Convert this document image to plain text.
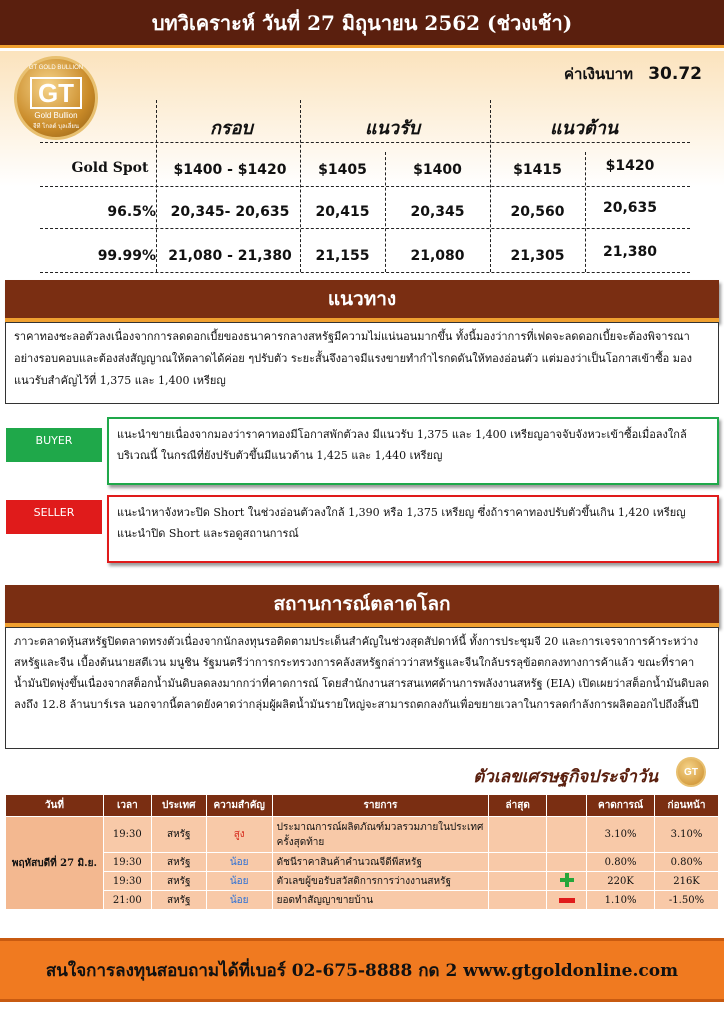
บทวิเคราะห์ วันที่ 27 มิถุนายน 2562 (ช่วงเช้า)
GT GOLD BULLION
GT
Gold Bullion
จีที โกลด์ บุลเลี่ยน
ค่าเงินบาท 30.72
กรอบ	แนวรับ	แนวต้าน
Gold Spot	$1400 - $1420	$1405	$1400	$1415	$1420
96.5%	20,345- 20,635	20,415	20,345	20,560	20,635
99.99% 21,080 - 21,380	21,155	21,080	21,305	21,380
แนวทาง
ราคาทองชะลอตัวลงเนื่องจากการลดดอกเบี้ยของธนาคารกลางสหรัฐมีความไม่แน่นอนมากขึ้น ทั้งนี้มองว่าการที่เฟดจะลดดอกเบี้ยจะต้องพิจารณาอย่างรอบคอบและต้องส่งสัญญาณให้ตลาดได้ค่อย ๆปรับตัว ระยะสั้นจึงอาจมีแรงขายทำกำไรกดดันให้ทองอ่อนตัว แต่มองว่าเป็นโอกาสเข้าซื้อ มองแนวรับสำคัญไว้ที่ 1,375 และ 1,400 เหรียญ
BUYER	แนะนำขายเนื่องจากมองว่าราคาทองมีโอกาสพักตัวลง มีแนวรับ 1,375 และ 1,400 เหรียญอาจจับจังหวะเข้าซื้อเมื่อลงใกล้บริเวณนี้ ในกรณีที่ยังปรับตัวขึ้นมีแนวต้าน 1,425 และ 1,440 เหรียญ
SELLER	แนะนำหาจังหวะปิด Short ในช่วงอ่อนตัวลงใกล้ 1,390 หรือ 1,375 เหรียญ ซึ่งถ้าราคาทองปรับตัวขึ้นเกิน 1,420 เหรียญแนะนำปิด Short และรอดูสถานการณ์
สถานการณ์ตลาดโลก
ภาวะตลาดหุ้นสหรัฐปิดตลาดทรงตัวเนื่องจากนักลงทุนรอติดตามประเด็นสำคัญในช่วงสุดสัปดาห์นี้ ทั้งการประชุมจี 20 และการเจรจาการค้าระหว่างสหรัฐและจีน เบื้องต้นนายสตีเวน มนูชิน รัฐมนตรีว่าการกระทรวงการคลังสหรัฐกล่าวว่าสหรัฐและจีนใกล้บรรลุข้อตกลงทางการค้าแล้ว ขณะที่ราคาน้ำมันปิดพุ่งขึ้นเนื่องจากสต็อกน้ำมันดิบลดลงมากกว่าที่คาดการณ์ โดยสำนักงานสารสนเทศด้านการพลังงานสหรัฐ (EIA) เปิดเผยว่าสต็อกน้ำมันดิบลดลงถึง 12.8 ล้านบาร์เรล นอกจากนี้ตลาดยังคาดว่ากลุ่มผู้ผลิตน้ำมันรายใหญ่จะสามารถตกลงกันเพื่อขยายเวลาในการลดกำลังการผลิตออกไปถึงสิ้นปี
ตัวเลขเศรษฐกิจประจำวัน	GT
วันที่	เวลา	ประเทศ	ความสำคัญ	รายการ	ล่าสุด		คาดการณ์	ก่อนหน้า
พฤหัสบดีที่ 27 มิ.ย.	19:30	สหรัฐ	สูง	ประมาณการณ์ผลิตภัณฑ์มวลรวมภายในประเทศครั้งสุดท้าย			3.10%	3.10%
	19:30	สหรัฐ	น้อย	ดัชนีราคาสินค้าคำนวณจีดีพีสหรัฐ			0.80%	0.80%
	19:30	สหรัฐ	น้อย	ตัวเลขผู้ขอรับสวัสดิการการว่างงานสหรัฐ			220K	216K
	21:00	สหรัฐ	น้อย	ยอดทำสัญญาขายบ้าน			1.10%	-1.50%
สนใจการลงทุนสอบถามได้ที่เบอร์ 02-675-8888 กด 2 www.gtgoldonline.com
